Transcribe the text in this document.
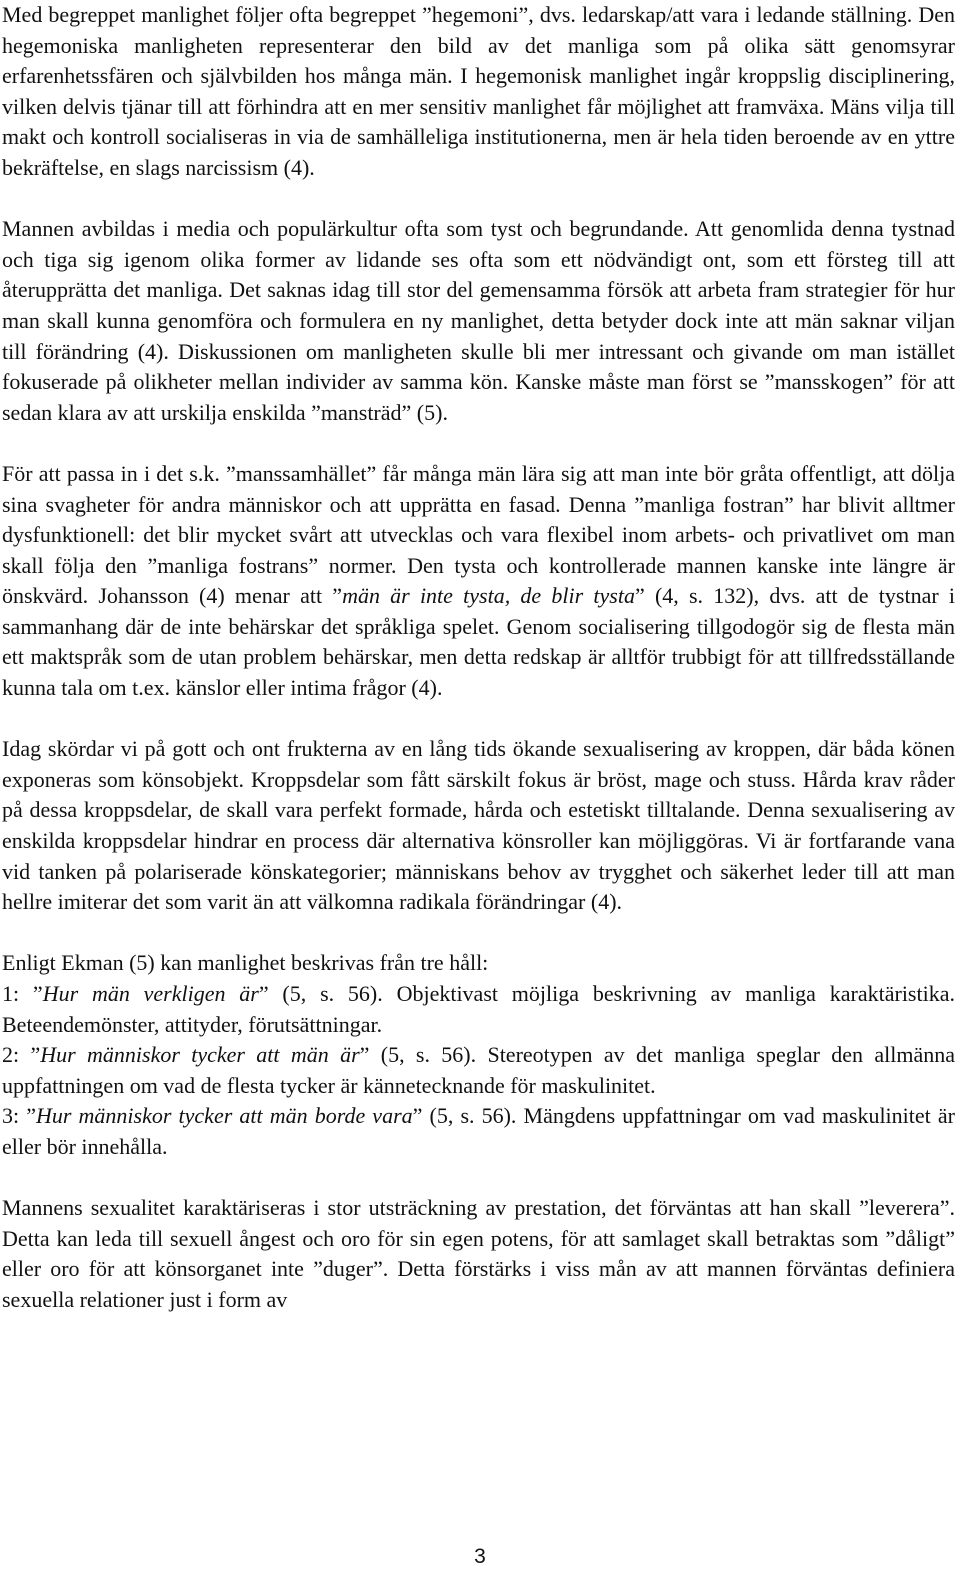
Med begreppet manlighet följer ofta begreppet ”hegemoni”, dvs. ledarskap/att vara i ledande ställning. Den hegemoniska manligheten representerar den bild av det manliga som på olika sätt genomsyrar erfarenhetssfären och självbilden hos många män. I hegemonisk manlighet ingår kroppslig disciplinering, vilken delvis tjänar till att förhindra att en mer sensitiv manlighet får möjlighet att framväxa. Mäns vilja till makt och kontroll socialiseras in via de samhälleliga institutionerna, men är hela tiden beroende av en yttre bekräftelse, en slags narcissism (4).

Mannen avbildas i media och populärkultur ofta som tyst och begrundande. Att genomlida denna tystnad och tiga sig igenom olika former av lidande ses ofta som ett nödvändigt ont, som ett försteg till att återupprätta det manliga. Det saknas idag till stor del gemensamma försök att arbeta fram strategier för hur man skall kunna genomföra och formulera en ny manlighet, detta betyder dock inte att män saknar viljan till förändring (4). Diskussionen om manligheten skulle bli mer intressant och givande om man istället fokuserade på olikheter mellan individer av samma kön. Kanske måste man först se ”mansskogen” för att sedan klara av att urskilja enskilda ”mansträd” (5).

För att passa in i det s.k. ”manssamhället” får många män lära sig att man inte bör gråta offentligt, att dölja sina svagheter för andra människor och att upprätta en fasad. Denna ”manliga fostran” har blivit alltmer dysfunktionell: det blir mycket svårt att utvecklas och vara flexibel inom arbets- och privatlivet om man skall följa den ”manliga fostrans” normer. Den tysta och kontrollerade mannen kanske inte längre är önskvärd. Johansson (4) menar att ”män är inte tysta, de blir tysta” (4, s. 132), dvs. att de tystnar i sammanhang där de inte behärskar det språkliga spelet. Genom socialisering tillgodogör sig de flesta män ett maktspråk som de utan problem behärskar, men detta redskap är alltför trubbigt för att tillfredsställande kunna tala om t.ex. känslor eller intima frågor (4).

Idag skördar vi på gott och ont frukterna av en lång tids ökande sexualisering av kroppen, där båda könen exponeras som könsobjekt. Kroppsdelar som fått särskilt fokus är bröst, mage och stuss. Hårda krav råder på dessa kroppsdelar, de skall vara perfekt formade, hårda och estetiskt tilltalande. Denna sexualisering av enskilda kroppsdelar hindrar en process där alternativa könsroller kan möjliggöras. Vi är fortfarande vana vid tanken på polariserade könskategorier; människans behov av trygghet och säkerhet leder till att man hellre imiterar det som varit än att välkomna radikala förändringar (4).

Enligt Ekman (5) kan manlighet beskrivas från tre håll:

1: ”Hur män verkligen är” (5, s. 56). Objektivast möjliga beskrivning av manliga karaktäristika. Beteendemönster, attityder, förutsättningar.

2: ”Hur människor tycker att män är” (5, s. 56). Stereotypen av det manliga speglar den allmänna uppfattningen om vad de flesta tycker är kännetecknande för maskulinitet.

3: ”Hur människor tycker att män borde vara” (5, s. 56). Mängdens uppfattningar om vad maskulinitet är eller bör innehålla.

Mannens sexualitet karaktäriseras i stor utsträckning av prestation, det förväntas att han skall ”leverera”. Detta kan leda till sexuell ångest och oro för sin egen potens, för att samlaget skall betraktas som ”dåligt” eller oro för att könsorganet inte ”duger”. Detta förstärks i viss mån av att mannen förväntas definiera sexuella relationer just i form av

3
